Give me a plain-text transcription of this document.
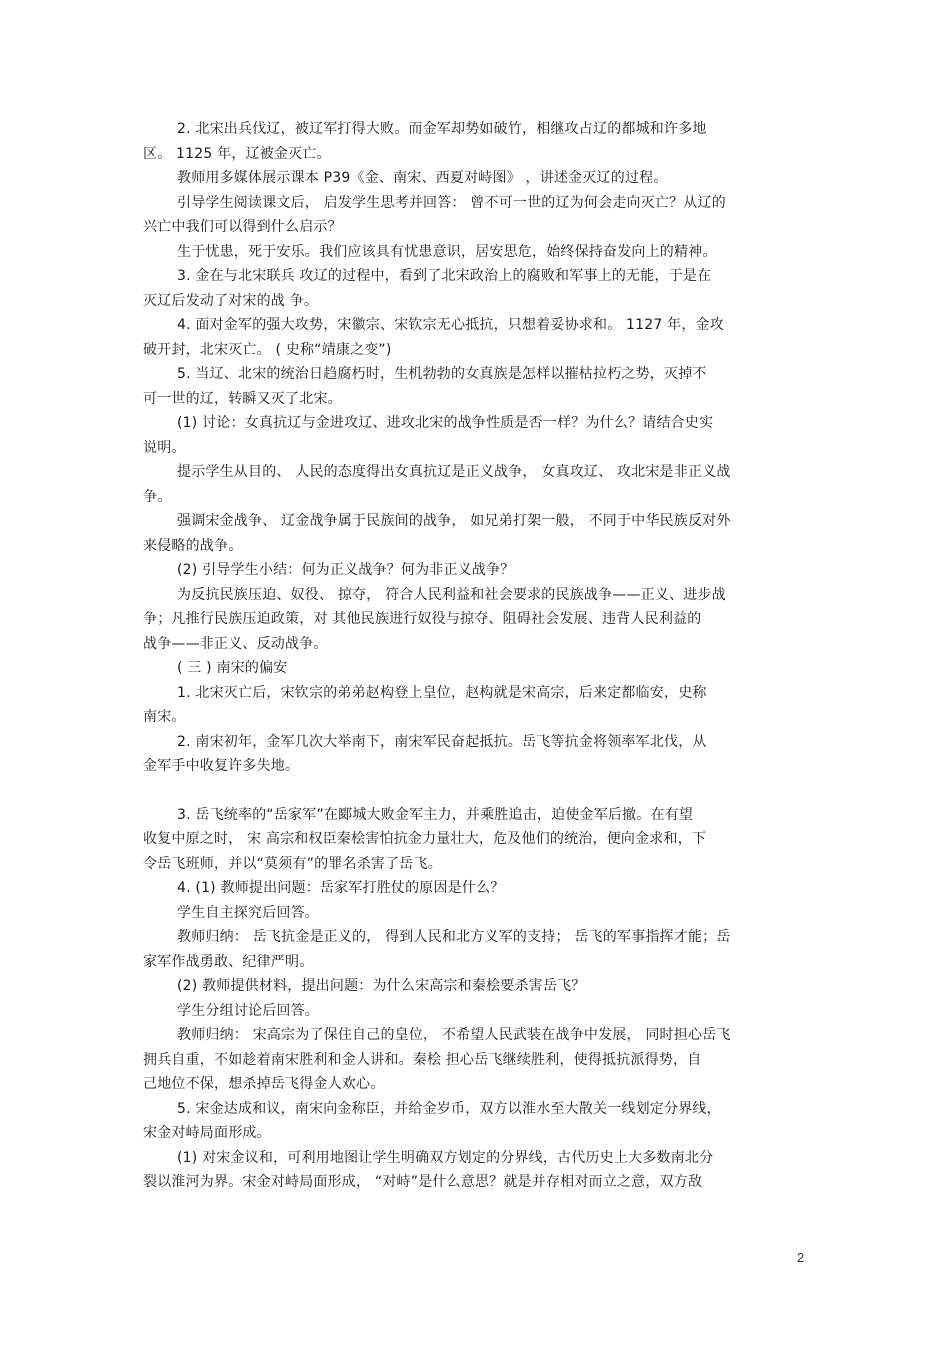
2. 北宋出兵伐辽，被辽军打得大败。而金军却势如破竹，相继攻占辽的都城和许多地
区。 1125 年，辽被金灭亡。
教师用多媒体展示课本 P39《金、南宋、西夏对峙图》 ，讲述金灭辽的过程。
引导学生阅读课文后， 启发学生思考并回答： 曾不可一世的辽为何会走向灭亡？从辽的
兴亡中我们可以得到什么启示？
生于忧患，死于安乐。我们应该具有忧患意识，居安思危，始终保持奋发向上的精神。
3. 金在与北宋联兵 攻辽的过程中，看到了北宋政治上的腐败和军事上的无能，于是在
灭辽后发动了对宋的战 争。
4. 面对金军的强大攻势，宋徽宗、宋钦宗无心抵抗，只想着妥协求和。 1127 年，金攻
破开封，北宋灭亡。 ( 史称“靖康之变”)
5. 当辽、北宋的统治日趋腐朽时，生机勃勃的女真族是怎样以摧枯拉朽之势，灭掉不
可一世的辽，转瞬又灭了北宋。
(1) 讨论：女真抗辽与金进攻辽、进攻北宋的战争性质是否一样？为什么？请结合史实
说明。
提示学生从目的、 人民的态度得出女真抗辽是正义战争， 女真攻辽、 攻北宋是非正义战
争。
强调宋金战争、 辽金战争属于民族间的战争， 如兄弟打架一般， 不同于中华民族反对外
来侵略的战争。
(2) 引导学生小结：何为正义战争？何为非正义战争？
为反抗民族压迫、奴役、 掠夺， 符合人民利益和社会要求的民族战争——正义、进步战
争；凡推行民族压迫政策，对 其他民族进行奴役与掠夺、阻碍社会发展、违背人民利益的
战争——非正义、反动战争。
( 三 ) 南宋的偏安
1. 北宋灭亡后，宋钦宗的弟弟赵构登上皇位，赵构就是宋高宗，后来定都临安，史称
南宋。
2. 南宋初年，金军几次大举南下，南宋军民奋起抵抗。岳飞等抗金将领率军北伐，从
金军手中收复许多失地。
3. 岳飞统率的“岳家军”在郾城大败金军主力，并乘胜追击，迫使金军后撤。在有望
收复中原之时， 宋 高宗和权臣秦桧害怕抗金力量壮大，危及他们的统治，便向金求和，下
令岳飞班师，并以“莫须有”的罪名杀害了岳飞。
4. (1) 教师提出问题：岳家军打胜仗的原因是什么？
学生自主探究后回答。
教师归纳： 岳飞抗金是正义的， 得到人民和北方义军的支持； 岳飞的军事指挥才能；岳
家军作战勇敢、纪律严明。
(2) 教师提供材料，提出问题：为什么宋高宗和秦桧要杀害岳飞？
学生分组讨论后回答。
教师归纳： 宋高宗为了保住自己的皇位， 不希望人民武装在战争中发展， 同时担心岳飞
拥兵自重，不如趁着南宋胜利和金人讲和。秦桧 担心岳飞继续胜利，使得抵抗派得势，自
己地位不保，想杀掉岳飞得金人欢心。
5. 宋金达成和议，南宋向金称臣，并给金岁币，双方以淮水至大散关一线划定分界线，
宋金对峙局面形成。
(1) 对宋金议和，可利用地图让学生明确双方划定的分界线，古代历史上大多数南北分
裂以淮河为界。宋金对峙局面形成， “对峙”是什么意思？就是并存相对而立之意，双方敌
2
